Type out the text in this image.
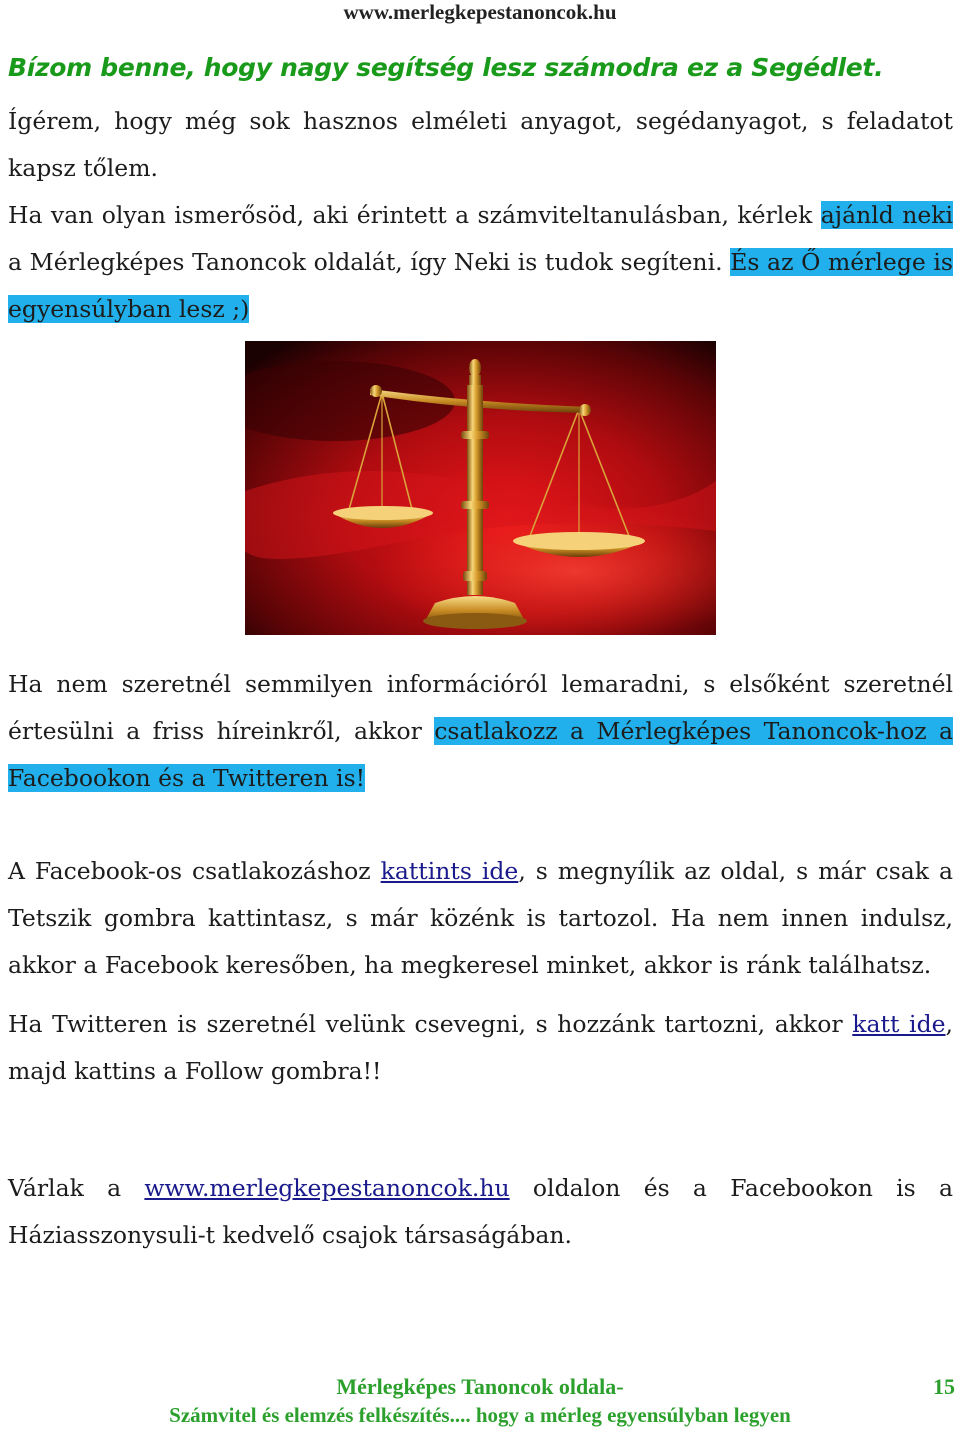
www.merlegkepestanoncok.hu
Bízom benne, hogy nagy segítség lesz számodra ez a Segédlet.
Ígérem, hogy még sok hasznos elméleti anyagot, segédanyagot, s feladatot
kapsz tőlem.
Ha van olyan ismerősöd, aki érintett a számviteltanulásban, kérlek ajánld neki
a Mérlegképes Tanoncok oldalát, így Neki is tudok segíteni. És az Ő mérlege is
egyensúlyban lesz ;)
Ha nem szeretnél semmilyen információról lemaradni, s elsőként szeretnél
értesülni a friss híreinkről, akkor csatlakozz a Mérlegképes Tanoncok-hoz a
Facebookon és a Twitteren is!
A Facebook-os csatlakozáshoz kattints ide, s megnyílik az oldal, s már csak a
Tetszik gombra kattintasz, s már közénk is tartozol. Ha nem innen indulsz,
akkor a Facebook keresőben, ha megkeresel minket, akkor is ránk találhatsz.
Ha Twitteren is szeretnél velünk csevegni, s hozzánk tartozni, akkor katt ide,
majd kattins a Follow gombra!!
Várlak a www.merlegkepestanoncok.hu oldalon és a Facebookon is a
Háziasszonysuli-t kedvelő csajok társaságában.
Mérlegképes Tanoncok oldala-	15
Számvitel és elemzés felkészítés.... hogy a mérleg egyensúlyban legyen
